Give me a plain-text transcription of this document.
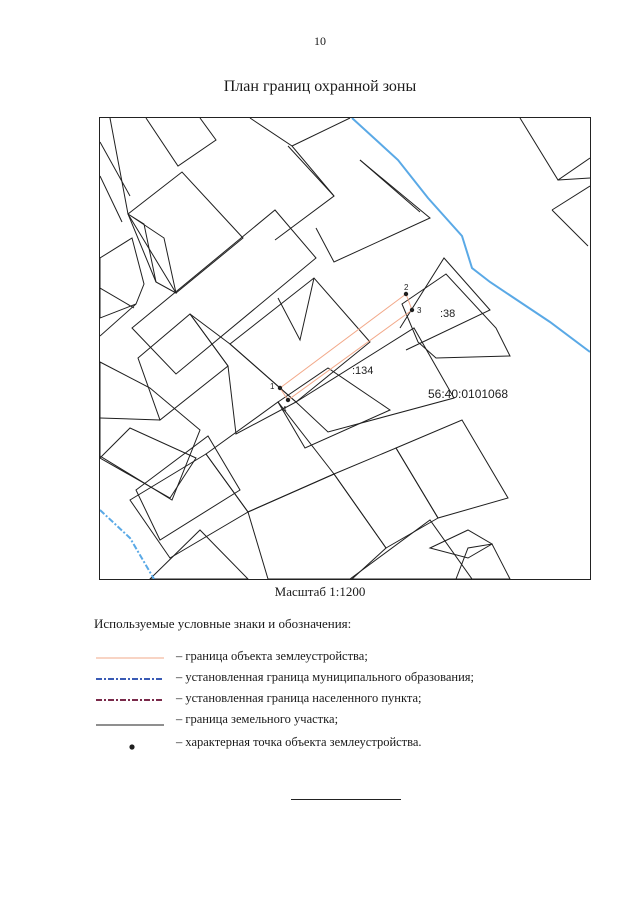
10
План границ охранной зоны
1
2
3
4
:134
:38
56:40:0101068
Масштаб 1:1200
Используемые условные знаки и обозначения:
– граница объекта землеустройства;
– установленная граница муниципального образования;
– установленная граница населенного пункта;
– граница земельного участка;
– характерная точка объекта землеустройства.
